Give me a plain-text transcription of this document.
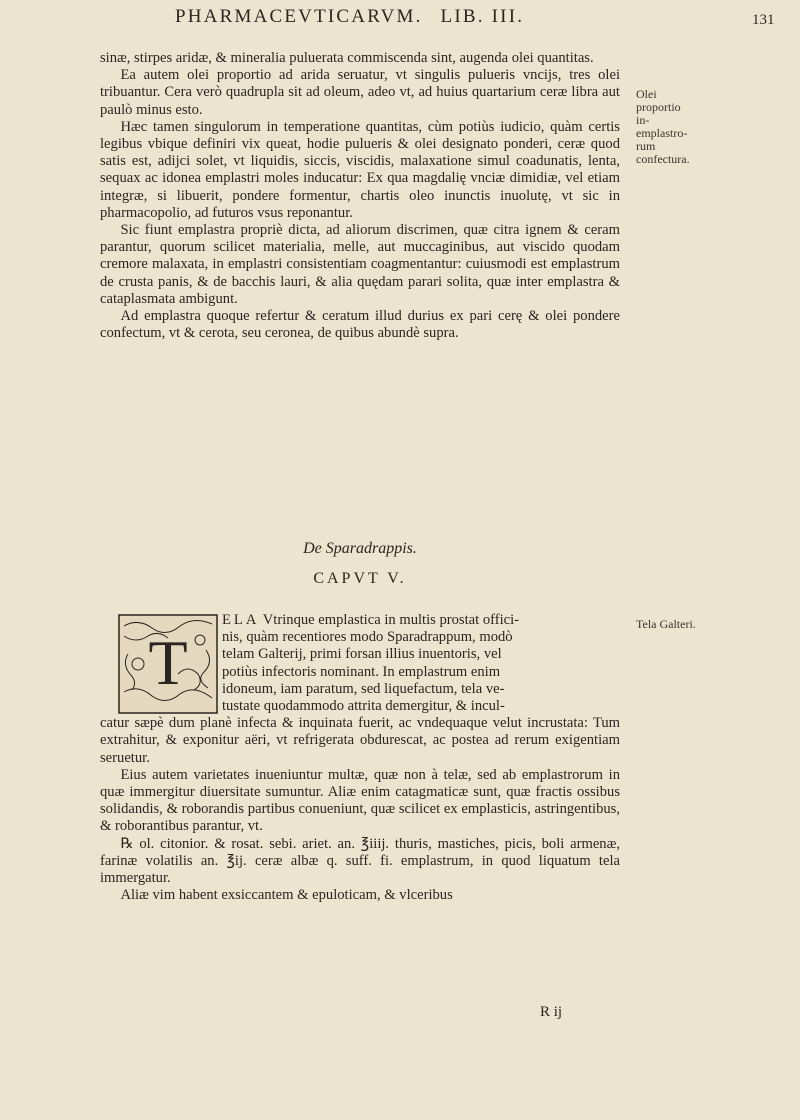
PHARMACEVTICARVM. LIB. III.	131

sinæ, stirpes aridæ, & mineralia puluerata commiscenda sint, augenda olei quantitas.

Ea autem olei proportio ad arida seruatur, vt singulis pulueris vncijs, tres olei tribuantur. Cera verò quadrupla sit ad oleum, adeo vt, ad huius quartarium ceræ libra aut paulò minus esto.

Hæc tamen singulorum in temperatione quantitas, cùm potiùs iudicio, quàm certis legibus vbique definiri vix queat, hodie pulueris & olei designato ponderi, ceræ quod satis est, adijci solet, vt liquidis, siccis, viscidis, malaxatione simul coadunatis, lenta, sequax ac idonea emplastri moles inducatur: Ex qua magdalię vnciæ dimidiæ, vel etiam integræ, si libuerit, pondere formentur, chartis oleo inunctis inuolutę, vt sic in pharmacopolio, ad futuros vsus reponantur.

Sic fiunt emplastra propriè dicta, ad aliorum discrimen, quæ citra ignem & ceram parantur, quorum scilicet materialia, melle, aut muccaginibus, aut viscido quodam cremore malaxata, in emplastri consistentiam coagmentantur: cuiusmodi est emplastrum de crusta panis, & de bacchis lauri, & alia quędam parari solita, quæ inter emplastra & cataplasmata ambigunt.

Ad emplastra quoque refertur & ceratum illud durius ex pari cerę & olei pondere confectum, vt & cerota, seu ceronea, de quibus abundè supra.

Olei proportio in-emplastro-rum confectura.
De Sparadrappis.
CAPVT V.
T
ELA Vtrinque emplastica in multis prostat offici-
nis, quàm recentiores modo Sparadrappum, modò
telam Galterij, primi forsan illius inuentoris, vel
potiùs infectoris nominant. In emplastrum enim
idoneum, iam paratum, sed liquefactum, tela ve-
tustate quodammodo attrita demergitur, & incul-

catur sæpè dum planè infecta & inquinata fuerit, ac vndequaque velut incrustata: Tum extrahitur, & exponitur aëri, vt refrigerata obdurescat, ac postea ad rerum exigentiam seruetur.

Eius autem varietates inueniuntur multæ, quæ non à telæ, sed ab emplastrorum in quæ immergitur diuersitate sumuntur. Aliæ enim catagmaticæ sunt, quæ fractis ossibus solidandis, & roborandis partibus conueniunt, quæ scilicet ex emplasticis, astringentibus, & roborantibus parantur, vt.

℞ ol. citonior. & rosat. sebi. ariet. an. ℥iiij. thuris, mastiches, picis, boli armenæ, farinæ volatilis an. ℥ij. ceræ albæ q. suff. fi. emplastrum, in quod liquatum tela immergatur.

Aliæ vim habent exsiccantem & epuloticam, & vlceribus

Tela Galteri.
R ij
